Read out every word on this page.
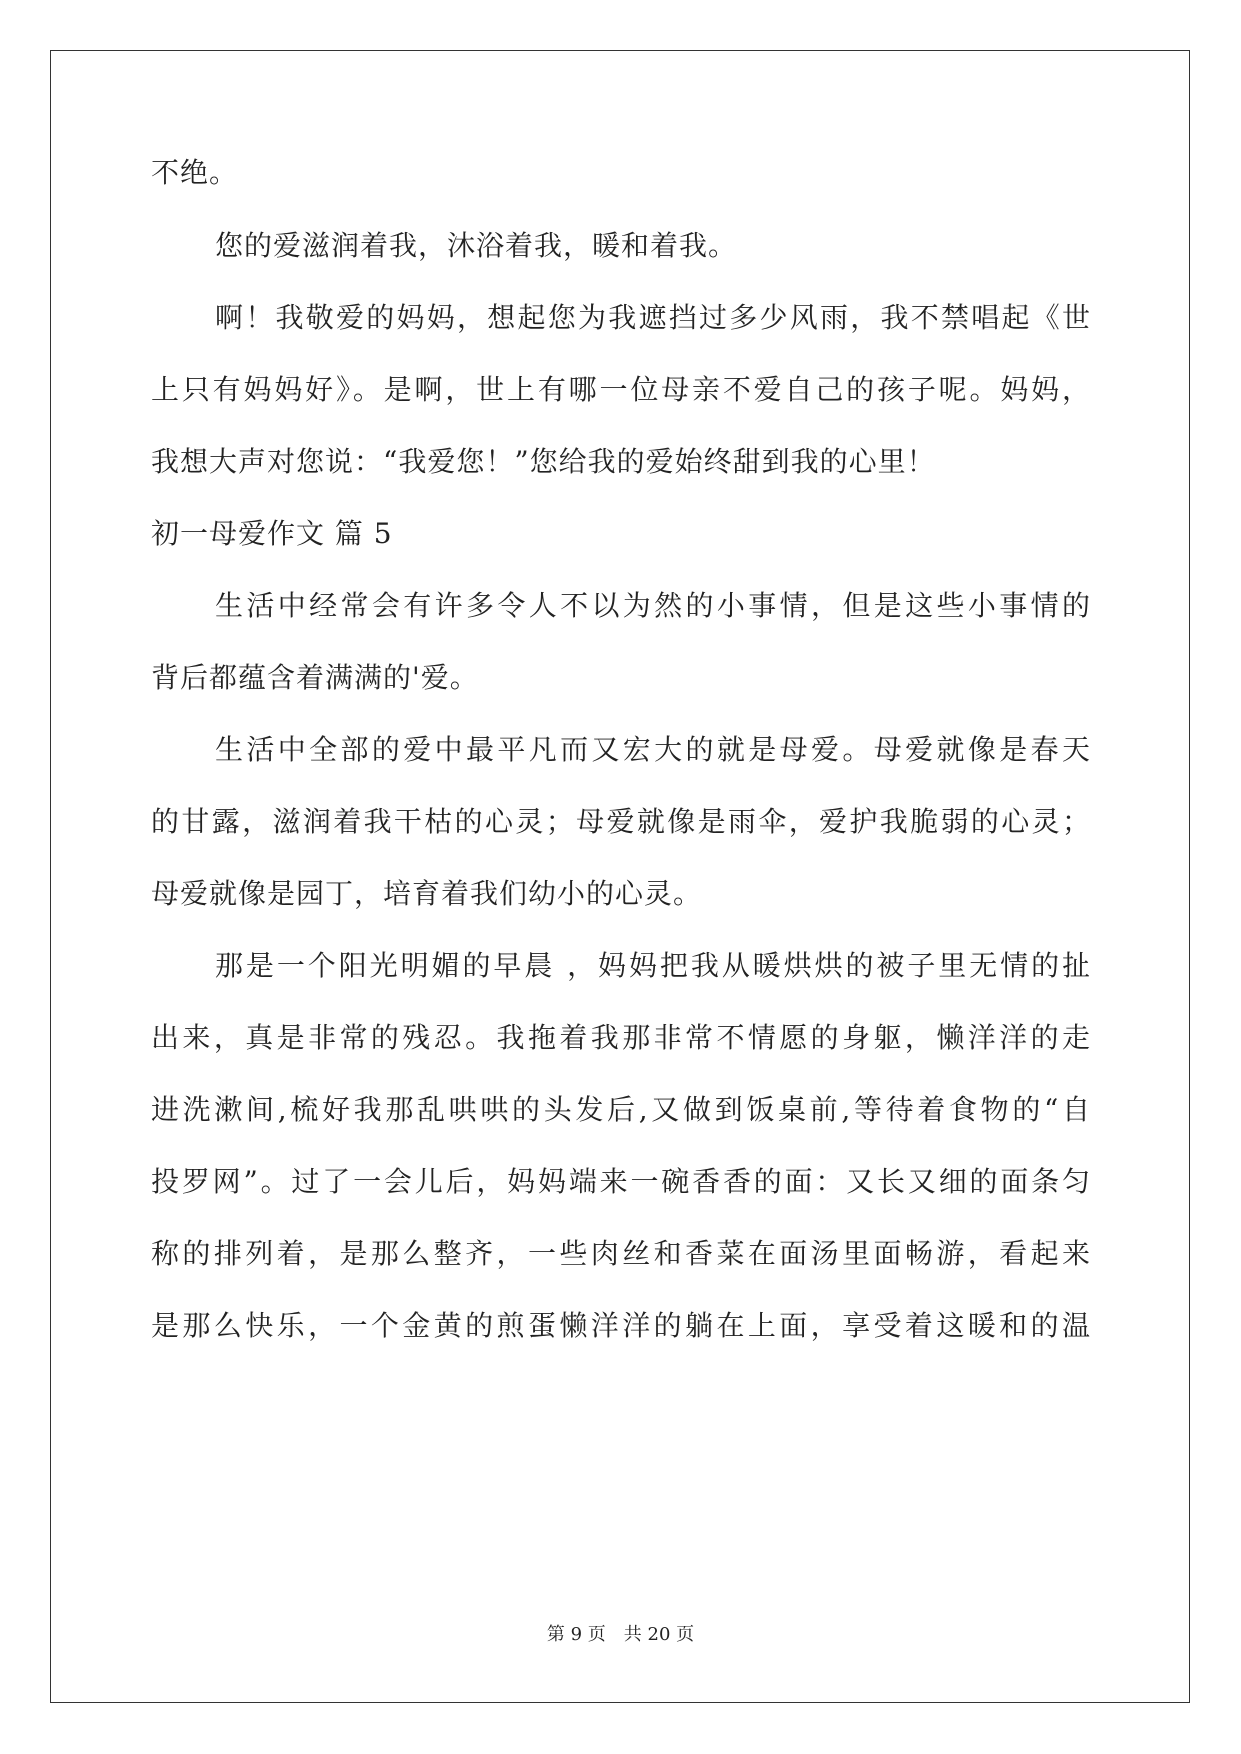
不绝。
您的爱滋润着我，沐浴着我，暖和着我。
啊！我敬爱的妈妈，想起您为我遮挡过多少风雨，我不禁唱起《世
上只有妈妈好》。是啊，世上有哪一位母亲不爱自己的孩子呢。妈妈，
我想大声对您说：“我爱您！”您给我的爱始终甜到我的心里！
初一母爱作文 篇 5
生活中经常会有许多令人不以为然的小事情，但是这些小事情的
背后都蕴含着满满的'爱。
生活中全部的爱中最平凡而又宏大的就是母爱。母爱就像是春天
的甘露，滋润着我干枯的心灵；母爱就像是雨伞，爱护我脆弱的心灵；
母爱就像是园丁，培育着我们幼小的心灵。
那是一个阳光明媚的早晨 ，妈妈把我从暖烘烘的被子里无情的扯
出来，真是非常的残忍。我拖着我那非常不情愿的身躯，懒洋洋的走
进洗漱间,梳好我那乱哄哄的头发后,又做到饭桌前,等待着食物的“自
投罗网”。过了一会儿后，妈妈端来一碗香香的面：又长又细的面条匀
称的排列着，是那么整齐，一些肉丝和香菜在面汤里面畅游，看起来
是那么快乐，一个金黄的煎蛋懒洋洋的躺在上面，享受着这暖和的温
第 9 页　共 20 页
